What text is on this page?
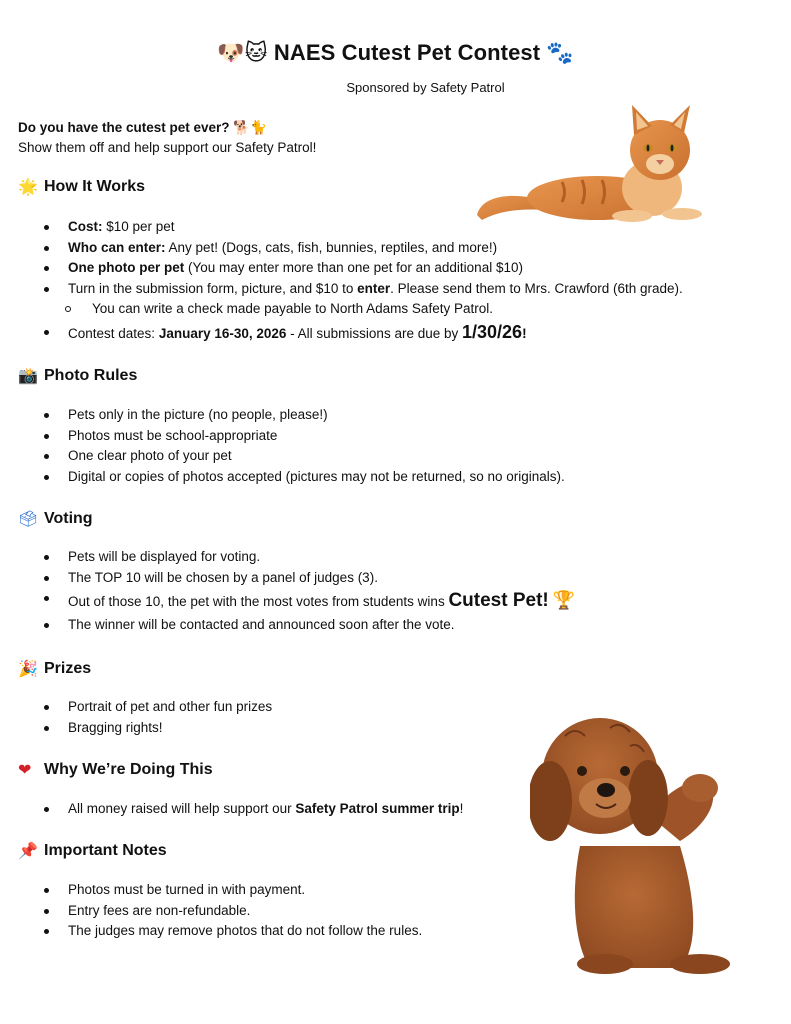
🐶🐱 NAES Cutest Pet Contest 🐾
Sponsored by Safety Patrol
Do you have the cutest pet ever? 🐕🐈
Show them off and help support our Safety Patrol!
🌟 How It Works
Cost: $10 per pet
Who can enter: Any pet! (Dogs, cats, fish, bunnies, reptiles, and more!)
One photo per pet (You may enter more than one pet for an additional $10)
Turn in the submission form, picture, and $10 to enter. Please send them to Mrs. Crawford (6th grade).
You can write a check made payable to North Adams Safety Patrol.
Contest dates: January 16-30, 2026 - All submissions are due by 1/30/26!
📸 Photo Rules
Pets only in the picture (no people, please!)
Photos must be school-appropriate
One clear photo of your pet
Digital or copies of photos accepted (pictures may not be returned, so no originals).
🗳 Voting
Pets will be displayed for voting.
The TOP 10 will be chosen by a panel of judges (3).
Out of those 10, the pet with the most votes from students wins Cutest Pet! 🏆
The winner will be contacted and announced soon after the vote.
🎉 Prizes
Portrait of pet and other fun prizes
Bragging rights!
❤ Why We’re Doing This
All money raised will help support our Safety Patrol summer trip!
📌 Important Notes
Photos must be turned in with payment.
Entry fees are non-refundable.
The judges may remove photos that do not follow the rules.
